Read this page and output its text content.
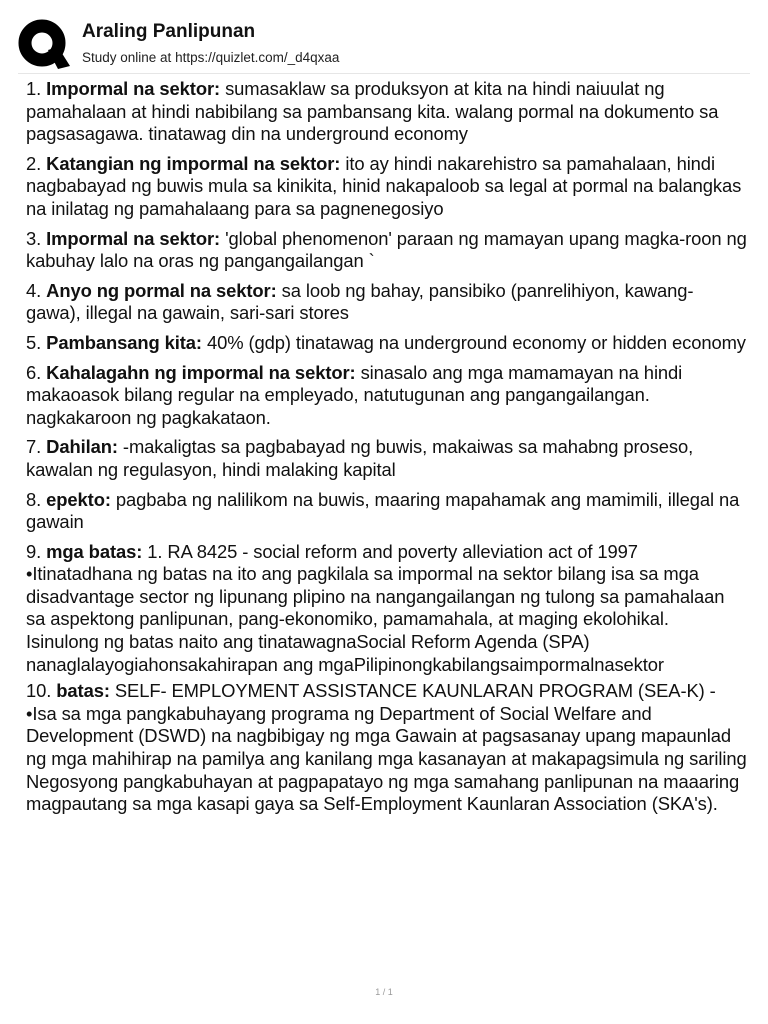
Araling Panlipunan
Study online at https://quizlet.com/_d4qxaa
1. Impormal na sektor: sumasaklaw sa produksyon at kita na hindi naiuulat ng pamahalaan at hindi nabibilang sa pambansang kita. walang pormal na dokumento sa pagsasagawa. tinatawag din na underground economy
2. Katangian ng impormal na sektor: ito ay hindi nakarehistro sa pamahalaan, hindi nagbabayad ng buwis mula sa kinikita, hinid nakapaloob sa legal at pormal na balangkas na inilatag ng pamahalaang para sa pagnenegosiyo
3. Impormal na sektor: 'global phenomenon' paraan ng mamayan upang magka-roon ng kabuhay lalo na oras ng pangangailangan `
4. Anyo ng pormal na sektor: sa loob ng bahay, pansibiko (panrelihiyon, kawang-gawa), illegal na gawain, sari-sari stores
5. Pambansang kita: 40% (gdp) tinatawag na underground economy or hidden economy
6. Kahalagahn ng impormal na sektor: sinasalo ang mga mamamayan na hindi makaoasok bilang regular na empleyado, natutugunan ang pangangailangan. nagkakaroon ng pagkakataon.
7. Dahilan: -makaligtas sa pagbabayad ng buwis, makaiwas sa mahabng proseso, kawalan ng regulasyon, hindi malaking kapital
8. epekto: pagbaba ng nalilikom na buwis, maaring mapahamak ang mamimili, illegal na gawain
9. mga batas: 1. RA 8425 - social reform and poverty alleviation act of 1997
•Itinatadhana ng batas na ito ang pagkilala sa impormal na sektor bilang isa sa mga disadvantage sector ng lipunang plipino na nangangailangan ng tulong sa pamahalaan sa aspektong panlipunan, pang-ekonomiko, pamamahala, at maging ekolohikal.
Isinulong ng batas naito ang tinatawagnaSocial Reform Agenda (SPA) nanaglalayogiahonsakahirapan ang mgaPilipinongkabilangsaimpormalnasektor
10. batas: SELF- EMPLOYMENT ASSISTANCE KAUNLARAN PROGRAM (SEA-K) - •Isa sa mga pangkabuhayang programa ng Department of Social Welfare and Development (DSWD) na nagbibigay ng mga Gawain at pagsasanay upang mapaunlad ng mga mahihirap na pamilya ang kanilang mga kasanayan at makapagsimula ng sariling Negosyong pangkabuhayan at pagpapatayo ng mga samahang panlipunan na maaaring magpautang sa mga kasapi gaya sa Self-Employment Kaunlaran Association (SKA's).
1 / 1
